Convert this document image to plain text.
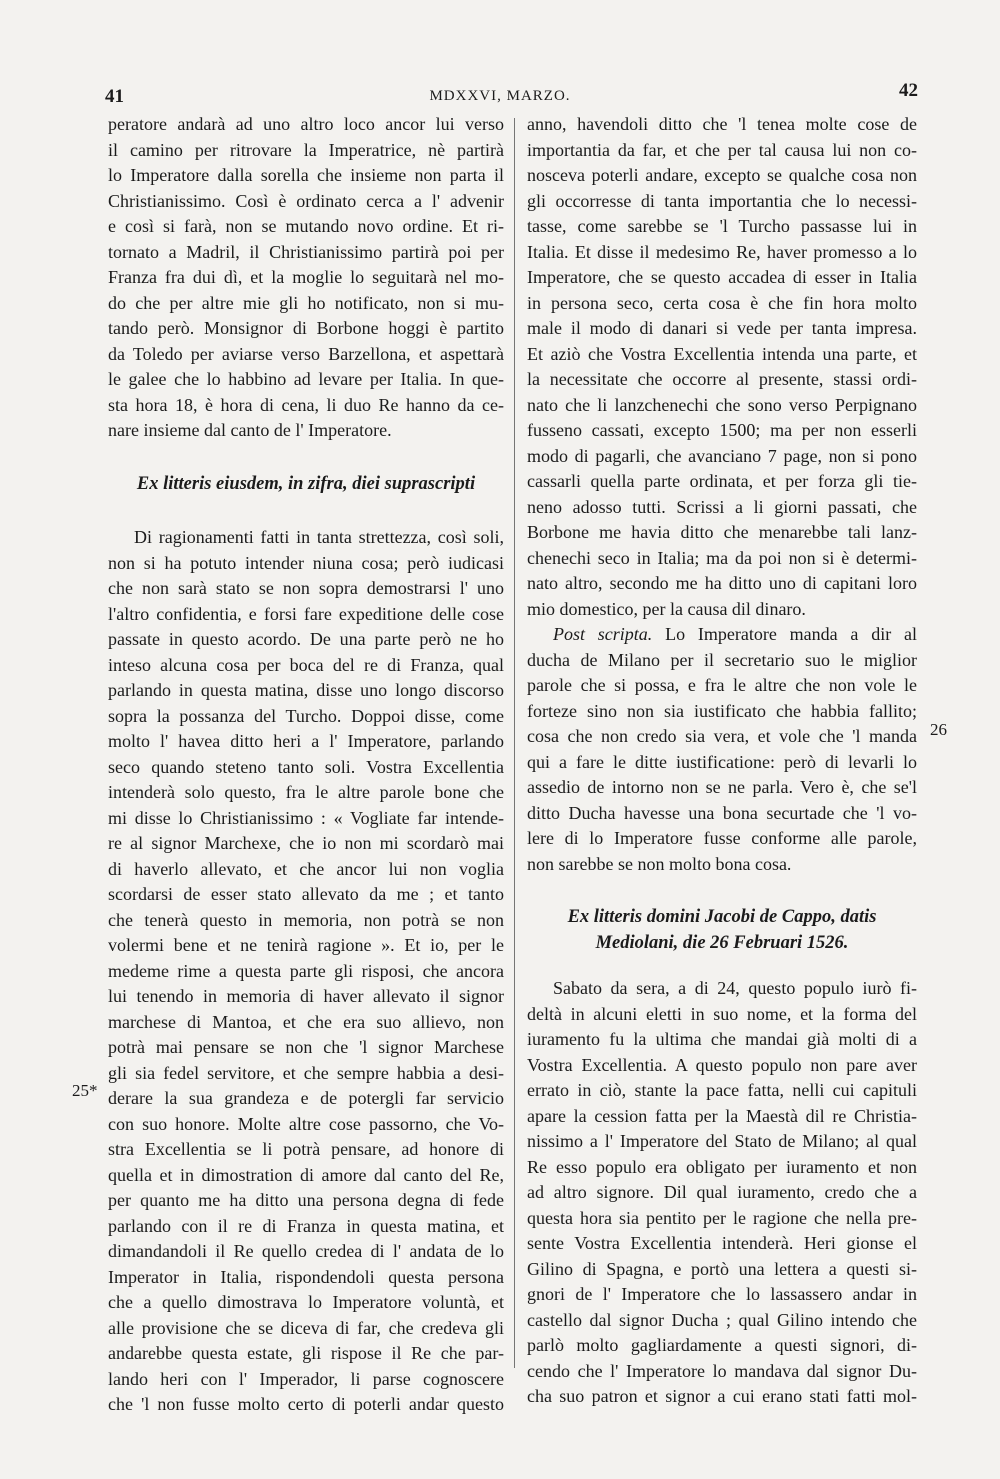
41	MDXXVI, MARZO.	42
25*
26
peratore andarà ad uno altro loco ancor lui verso
il camino per ritrovare la Imperatrice, nè partirà
lo Imperatore dalla sorella che insieme non parta il
Christianissimo. Così è ordinato cerca a l' advenir
e così si farà, non se mutando novo ordine. Et ri-
tornato a Madril, il Christianissimo partirà poi per
Franza fra dui dì, et la moglie lo seguitarà nel mo-
do che per altre mie gli ho notificato, non si mu-
tando però. Monsignor di Borbone hoggi è partito
da Toledo per aviarse verso Barzellona, et aspettarà
le galee che lo habbino ad levare per Italia. In que-
sta hora 18, è hora di cena, li duo Re hanno da ce-
nare insieme dal canto de l' Imperatore.
Ex litteris eiusdem, in zifra, diei suprascripti
Di ragionamenti fatti in tanta strettezza, così soli,
non si ha potuto intender niuna cosa; però iudicasi
che non sarà stato se non sopra demostrarsi l' uno
l'altro confidentia, e forsi fare expeditione delle cose
passate in questo acordo. De una parte però ne ho
inteso alcuna cosa per boca del re di Franza, qual
parlando in questa matina, disse uno longo discorso
sopra la possanza del Turcho. Doppoi disse, come
molto l' havea ditto heri a l' Imperatore, parlando
seco quando steteno tanto soli. Vostra Excellentia
intenderà solo questo, fra le altre parole bone che
mi disse lo Christianissimo : « Vogliate far intende-
re al signor Marchexe, che io non mi scordarò mai
di haverlo allevato, et che ancor lui non voglia
scordarsi de esser stato allevato da me ; et tanto
che tenerà questo in memoria, non potrà se non
volermi bene et ne tenirà ragione ». Et io, per le
medeme rime a questa parte gli risposi, che ancora
lui tenendo in memoria di haver allevato il signor
marchese di Mantoa, et che era suo allievo, non
potrà mai pensare se non che 'l signor Marchese
gli sia fedel servitore, et che sempre habbia a desi-
derare la sua grandeza e de potergli far servicio
con suo honore. Molte altre cose passorno, che Vo-
stra Excellentia se li potrà pensare, ad honore di
quella et in dimostration di amore dal canto del Re,
per quanto me ha ditto una persona degna di fede
parlando con il re di Franza in questa matina, et
dimandandoli il Re quello credea di l' andata de lo
Imperator in Italia, rispondendoli questa persona
che a quello dimostrava lo Imperatore voluntà, et
alle provisione che se diceva di far, che credeva gli
andarebbe questa estate, gli rispose il Re che par-
lando heri con l' Imperador, li parse cognoscere
che 'l non fusse molto certo di poterli andar questo
anno, havendoli ditto che 'l tenea molte cose de
importantia da far, et che per tal causa lui non co-
nosceva poterli andare, excepto se qualche cosa non
gli occorresse di tanta importantia che lo necessi-
tasse, come sarebbe se 'l Turcho passasse lui in
Italia. Et disse il medesimo Re, haver promesso a lo
Imperatore, che se questo accadea di esser in Italia
in persona seco, certa cosa è che fin hora molto
male il modo di danari si vede per tanta impresa.
Et aziò che Vostra Excellentia intenda una parte, et
la necessitate che occorre al presente, stassi ordi-
nato che li lanzchenechi che sono verso Perpignano
fusseno cassati, excepto 1500; ma per non esserli
modo di pagarli, che avanciano 7 page, non si pono
cassarli quella parte ordinata, et per forza gli tie-
neno adosso tutti. Scrissi a li giorni passati, che
Borbone me havia ditto che menarebbe tali lanz-
chenechi seco in Italia; ma da poi non si è determi-
nato altro, secondo me ha ditto uno di capitani loro
mio domestico, per la causa dil dinaro.
Post scripta. Lo Imperatore manda a dir al
ducha de Milano per il secretario suo le miglior
parole che si possa, e fra le altre che non vole le
forteze sino non sia iustificato che habbia fallito;
cosa che non credo sia vera, et vole che 'l manda
qui a fare le ditte iustificatione: però di levarli lo
assedio de intorno non se ne parla. Vero è, che se'l
ditto Ducha havesse una bona securtade che 'l vo-
lere di lo Imperatore fusse conforme alle parole,
non sarebbe se non molto bona cosa.
Ex litteris domini Jacobi de Cappo, datis
Mediolani, die 26 Februari 1526.
Sabato da sera, a di 24, questo populo iurò fi-
deltà in alcuni eletti in suo nome, et la forma del
iuramento fu la ultima che mandai già molti di a
Vostra Excellentia. A questo populo non pare aver
errato in ciò, stante la pace fatta, nelli cui capituli
apare la cession fatta per la Maestà dil re Christia-
nissimo a l' Imperatore del Stato de Milano; al qual
Re esso populo era obligato per iuramento et non
ad altro signore. Dil qual iuramento, credo che a
questa hora sia pentito per le ragione che nella pre-
sente Vostra Excellentia intenderà. Heri gionse el
Gilino di Spagna, e portò una lettera a questi si-
gnori de l' Imperatore che lo lassassero andar in
castello dal signor Ducha ; qual Gilino intendo che
parlò molto gagliardamente a questi signori, di-
cendo che l' Imperatore lo mandava dal signor Du-
cha suo patron et signor a cui erano stati fatti mol-
